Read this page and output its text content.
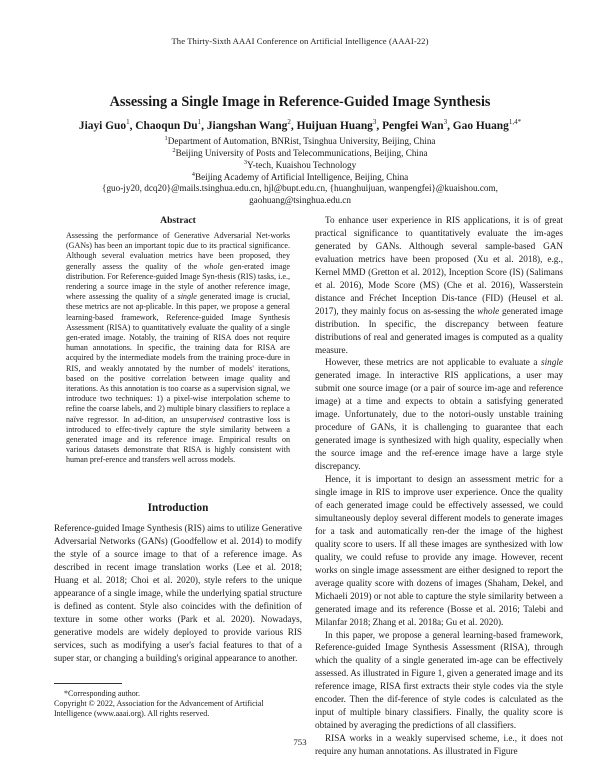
The Thirty-Sixth AAAI Conference on Artificial Intelligence (AAAI-22)
Assessing a Single Image in Reference-Guided Image Synthesis
Jiayi Guo$^1$, Chaoqun Du$^1$, Jiangshan Wang$^2$, Huijuan Huang$^3$, Pengfei Wan$^3$, Gao Huang$^{1,4*}$
$^1$Department of Automation, BNRist, Tsinghua University, Beijing, China
$^2$Beijing University of Posts and Telecommunications, Beijing, China
$^3$Y-tech, Kuaishou Technology
$^4$Beijing Academy of Artificial Intelligence, Beijing, China
{guo-jy20, dcq20}@mails.tsinghua.edu.cn, hjl@bupt.edu.cn, {huanghuijuan, wanpengfei}@kuaishou.com,
gaohuang@tsinghua.edu.cn
Abstract

Assessing the performance of Generative Adversarial Net-works (GANs) has been an important topic due to its practical significance. Although several evaluation metrics have been proposed, they generally assess the quality of the whole gen-erated image distribution. For Reference-guided Image Syn-thesis (RIS) tasks, i.e., rendering a source image in the style of another reference image, where assessing the quality of a single generated image is crucial, these metrics are not ap-plicable. In this paper, we propose a general learning-based framework, Reference-guided Image Synthesis Assessment (RISA) to quantitatively evaluate the quality of a single gen-erated image. Notably, the training of RISA does not require human annotations. In specific, the training data for RISA are acquired by the intermediate models from the training proce-dure in RIS, and weakly annotated by the number of models' iterations, based on the positive correlation between image quality and iterations. As this annotation is too coarse as a supervision signal, we introduce two techniques: 1) a pixel-wise interpolation scheme to refine the coarse labels, and 2) multiple binary classifiers to replace a naïve regressor. In ad-dition, an unsupervised contrastive loss is introduced to effec-tively capture the style similarity between a generated image and its reference image. Empirical results on various datasets demonstrate that RISA is highly consistent with human pref-erence and transfers well across models.

Introduction

Reference-guided Image Synthesis (RIS) aims to utilize Generative Adversarial Networks (GANs) (Goodfellow et al. 2014) to modify the style of a source image to that of a reference image. As described in recent image translation works (Lee et al. 2018; Huang et al. 2018; Choi et al. 2020), style refers to the unique appearance of a single image, while the underlying spatial structure is defined as content. Style also coincides with the definition of texture in some other works (Park et al. 2020). Nowadays, generative models are widely deployed to provide various RIS services, such as modifying a user's facial features to that of a super star, or changing a building's original appearance to another.

*Corresponding author.

Copyright © 2022, Association for the Advancement of Artificial Intelligence (www.aaai.org). All rights reserved.

To enhance user experience in RIS applications, it is of great practical significance to quantitatively evaluate the im-ages generated by GANs. Although several sample-based GAN evaluation metrics have been proposed (Xu et al. 2018), e.g., Kernel MMD (Gretton et al. 2012), Inception Score (IS) (Salimans et al. 2016), Mode Score (MS) (Che et al. 2016), Wasserstein distance and Fréchet Inception Dis-tance (FID) (Heusel et al. 2017), they mainly focus on as-sessing the whole generated image distribution. In specific, the discrepancy between feature distributions of real and generated images is computed as a quality measure.

However, these metrics are not applicable to evaluate a single generated image. In interactive RIS applications, a user may submit one source image (or a pair of source im-age and reference image) at a time and expects to obtain a satisfying generated image. Unfortunately, due to the notori-ously unstable training procedure of GANs, it is challenging to guarantee that each generated image is synthesized with high quality, especially when the source image and the ref-erence image have a large style discrepancy.

Hence, it is important to design an assessment metric for a single image in RIS to improve user experience. Once the quality of each generated image could be effectively assessed, we could simultaneously deploy several different models to generate images for a task and automatically ren-der the image of the highest quality score to users. If all these images are synthesized with low quality, we could refuse to provide any image. However, recent works on single image assessment are either designed to report the average quality score with dozens of images (Shaham, Dekel, and Michaeli 2019) or not able to capture the style similarity between a generated image and its reference (Bosse et al. 2016; Talebi and Milanfar 2018; Zhang et al. 2018a; Gu et al. 2020).

In this paper, we propose a general learning-based framework, Reference-guided Image Synthesis Assessment (RISA), through which the quality of a single generated im-age can be effectively assessed. As illustrated in Figure 1, given a generated image and its reference image, RISA first extracts their style codes via the style encoder. Then the dif-ference of style codes is calculated as the input of multiple binary classifiers. Finally, the quality score is obtained by averaging the predictions of all classifiers.

RISA works in a weakly supervised scheme, i.e., it does not require any human annotations. As illustrated in Figure

753
